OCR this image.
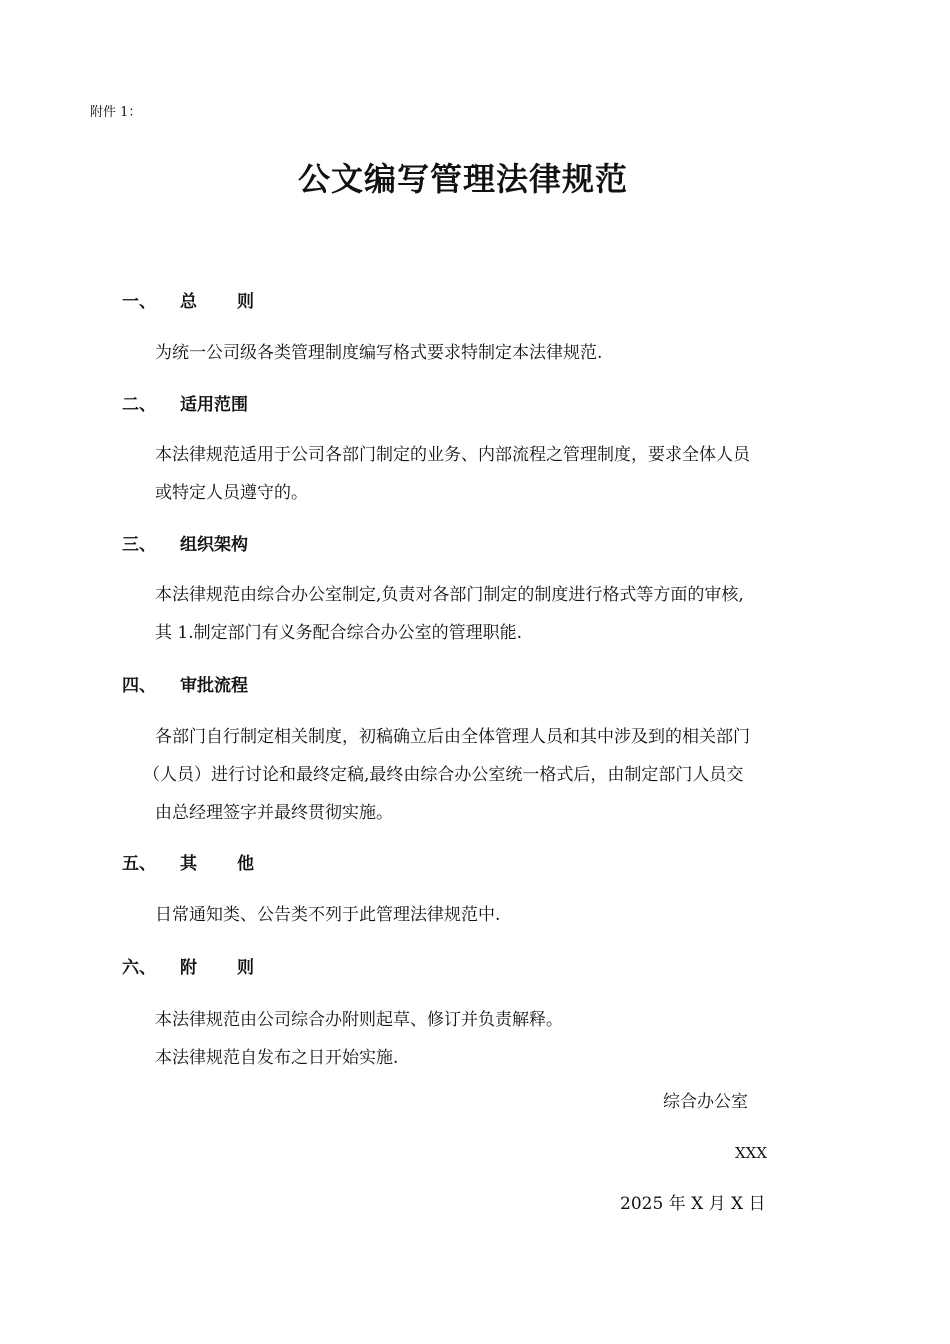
附件 1：
公文编写管理法律规范
一、 总则
为统一公司级各类管理制度编写格式要求特制定本法律规范.
二、 适用范围
本法律规范适用于公司各部门制定的业务、内部流程之管理制度，要求全体人员
或特定人员遵守的。
三、 组织架构
本法律规范由综合办公室制定,负责对各部门制定的制度进行格式等方面的审核,
其 1.制定部门有义务配合综合办公室的管理职能.
四、 审批流程
各部门自行制定相关制度，初稿确立后由全体管理人员和其中涉及到的相关部门
（人员）进行讨论和最终定稿,最终由综合办公室统一格式后，由制定部门人员交
由总经理签字并最终贯彻实施。
五、 其他
日常通知类、公告类不列于此管理法律规范中.
六、 附则
本法律规范由公司综合办附则起草、修订并负责解释。
本法律规范自发布之日开始实施.
综合办公室
XXX
2025 年 X 月 X 日
